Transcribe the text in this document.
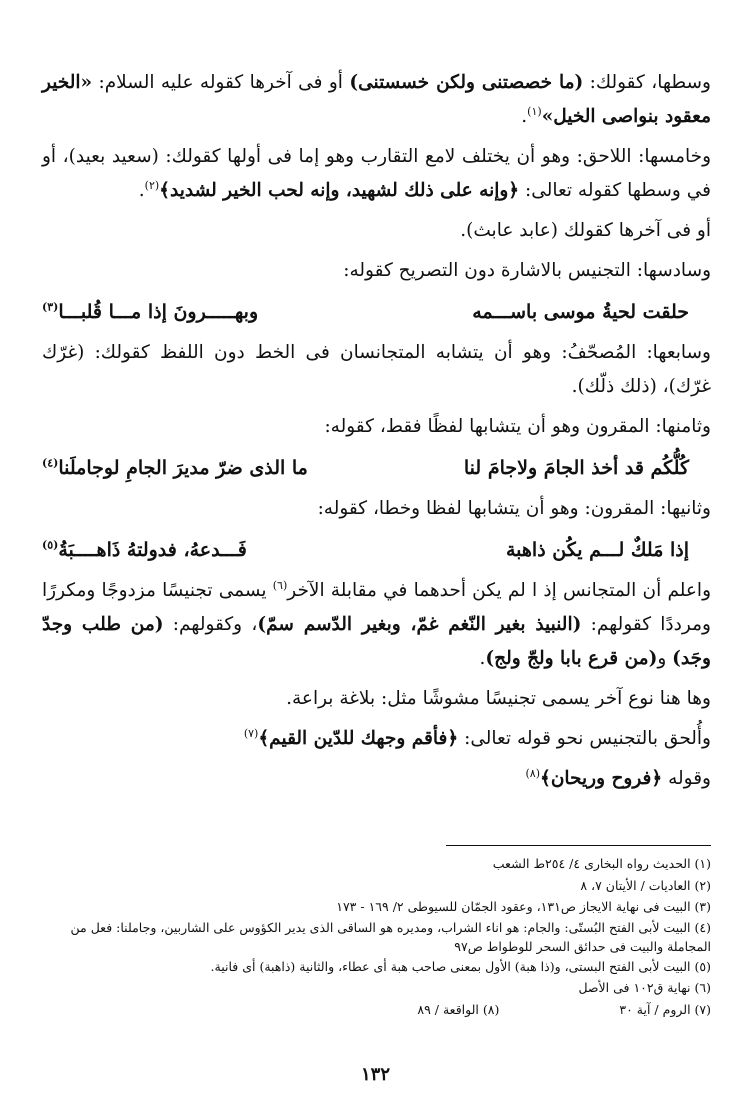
وسطها، كقولك: (ما خصصتنى ولكن خسستنى) أو فى آخرها كقوله عليه السلام: «الخير معقود بنواصى الخيل»$^{(١)}$.

وخامسها: اللاحق: وهو أن يختلف لامع التقارب وهو إما فى أولها كقولك: (سعيد بعيد)، أو في وسطها كقوله تعالى: ﴿وإنه على ذلك لشهيد، وإنه لحب الخير لشديد﴾$^{(٢)}$.

أو فى آخرها كقولك (عابد عابث).

وسادسها: التجنيس بالاشارة دون التصريح كقوله:

حلقت لحيةُ موسى باســـمه
وبهـــــرونَ إذا مـــا قُلبـــا$^{(٣)}$

وسابعها: المُصحّفُ: وهو أن يتشابه المتجانسان فى الخط دون اللفظ كقولك: (غرّك غرّك)، (ذلك ذلّك).

وثامنها: المقرون وهو أن يتشابها لفظًا فقط، كقوله:

كُلُّكُم قد أخذ الجامَ ولاجامَ لنا
ما الذى ضرّ مديرَ الجامِ لوجاملَنا$^{(٤)}$

وثانيها: المقرون: وهو أن يتشابها لفظا وخطا، كقوله:

إذا مَلكٌ لـــم يكُن ذاهبة
فَـــدعهُ، فدولتهُ ذَاهــــبَةُ$^{(٥)}$

واعلم أن المتجانس إذ ا لم يكن أحدهما في مقابلة الآخر$^{(٦)}$ يسمى تجنيسًا مزدوجًا ومكررًا ومرددًا كقولهم: (النبيذ بغير النّغم غمّ، وبغير الدّسم سمّ)، وكقولهم: (من طلب وجدّ وجَد) و(من قرع بابا ولجّ ولج).

وها هنا نوع آخر يسمى تجنيسًا مشوشًا مثل: بلاغة براعة.

وأُلحق بالتجنيس نحو قوله تعالى: ﴿فأقم وجهك للدّين القيم﴾$^{(٧)}$

وقوله ﴿فروح وريحان﴾$^{(٨)}$

(١) الحديث رواه البخارى ٤/ ٢٥٤ط الشعب

(٢) العاديات / الأيتان ٧، ٨

(٣) البيت فى نهاية الايجاز ص١٣١، وعقود الجمّان للسيوطى ٢/ ١٦٩ - ١٧٣

(٤) البيت لأبى الفتح البُستّى: والجام: هو اناء الشراب، ومديره هو الساقى الذى يدير الكؤوس على الشاربين، وجاملنا: فعل من المجاملة والبيت فى حدائق السحر للوطواط ص٩٧

(٥) البيت لأبى الفتح البستى، و(ذا هبة) الأول بمعنى صاحب هبة أى عطاء، والثانية (ذاهبة) أى فانية.

(٦) نهاية ق١٠٢ فى الأصل

(٧) الروم / آية ٣٠
(٨) الواقعة / ٨٩
١٣٢
